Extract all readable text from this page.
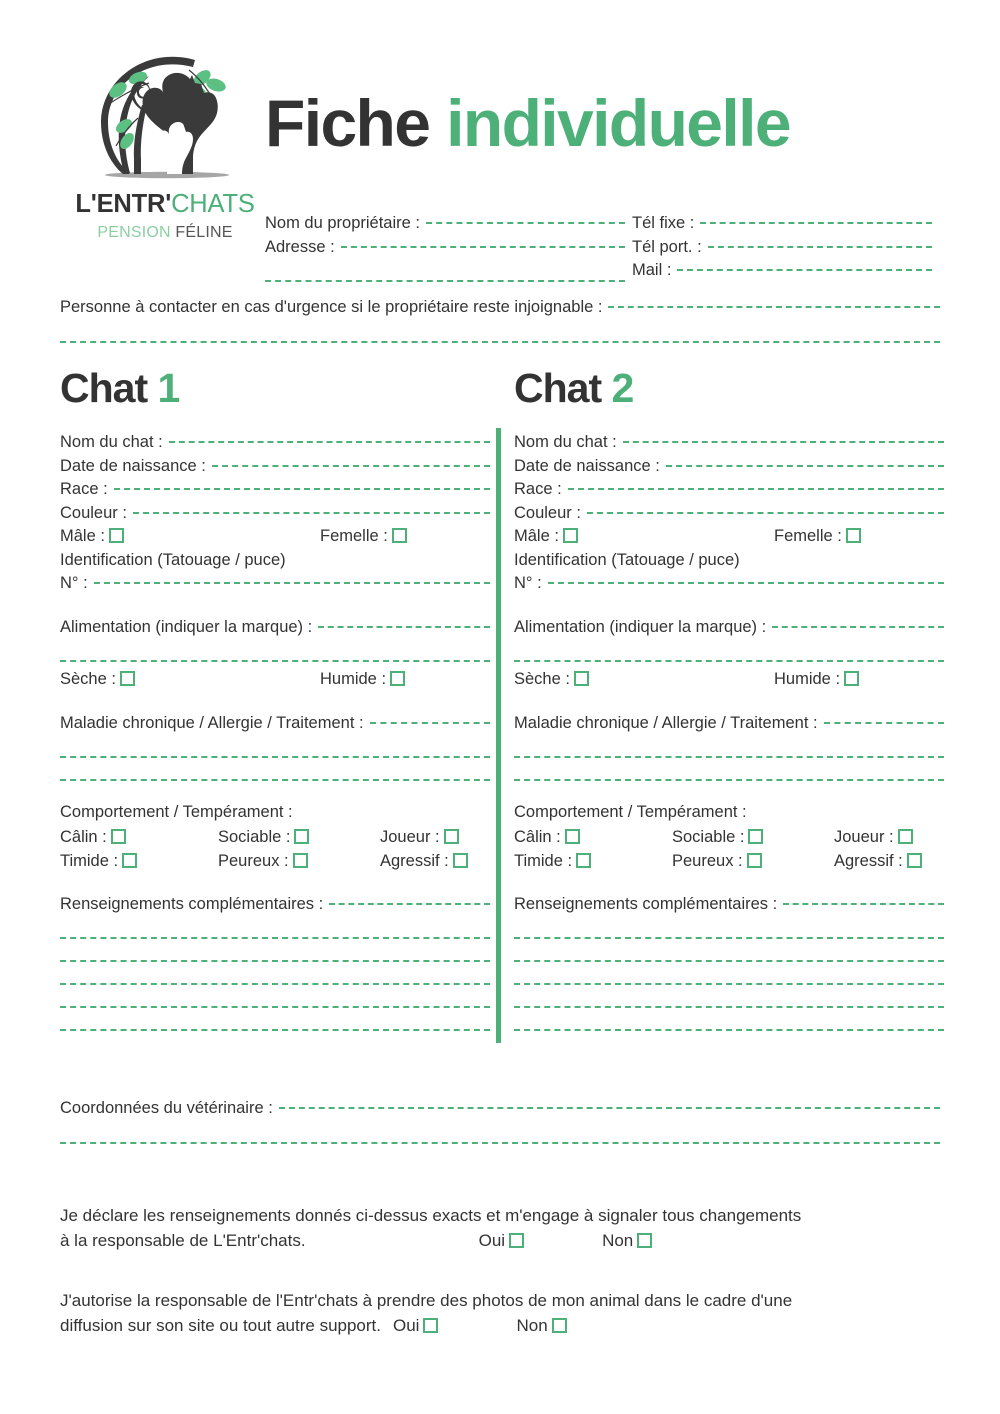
L'ENTR'CHATS
PENSION FÉLINE
Fiche individuelle
Nom du propriétaire :
Adresse :
Tél fixe :
Tél port. :
Mail :
Personne à contacter en cas d'urgence si le propriétaire reste injoignable :
Chat 1
Nom du chat :
Date de naissance :
Race :
Couleur :
Mâle :	Femelle :
Identification (Tatouage / puce)
N° :
Alimentation (indiquer la marque) :
Sèche :	Humide :
Maladie chronique / Allergie / Traitement :
Comportement / Tempérament :
Câlin :	Sociable :	Joueur :
Timide :	Peureux :	Agressif :
Renseignements complémentaires :
Chat 2
Nom du chat :
Date de naissance :
Race :
Couleur :
Mâle :	Femelle :
Identification (Tatouage / puce)
N° :
Alimentation (indiquer la marque) :
Sèche :	Humide :
Maladie chronique / Allergie / Traitement :
Comportement / Tempérament :
Câlin :	Sociable :	Joueur :
Timide :	Peureux :	Agressif :
Renseignements complémentaires :
Coordonnées du vétérinaire :

Je déclare les renseignements donnés ci-dessus exacts et m'engage à signaler tous changements

à la responsable de L'Entr'chats.	Oui	Non

J'autorise la responsable de l'Entr'chats à prendre des photos de mon animal dans le cadre d'une

diffusion sur son site ou tout autre support. Oui	Non
